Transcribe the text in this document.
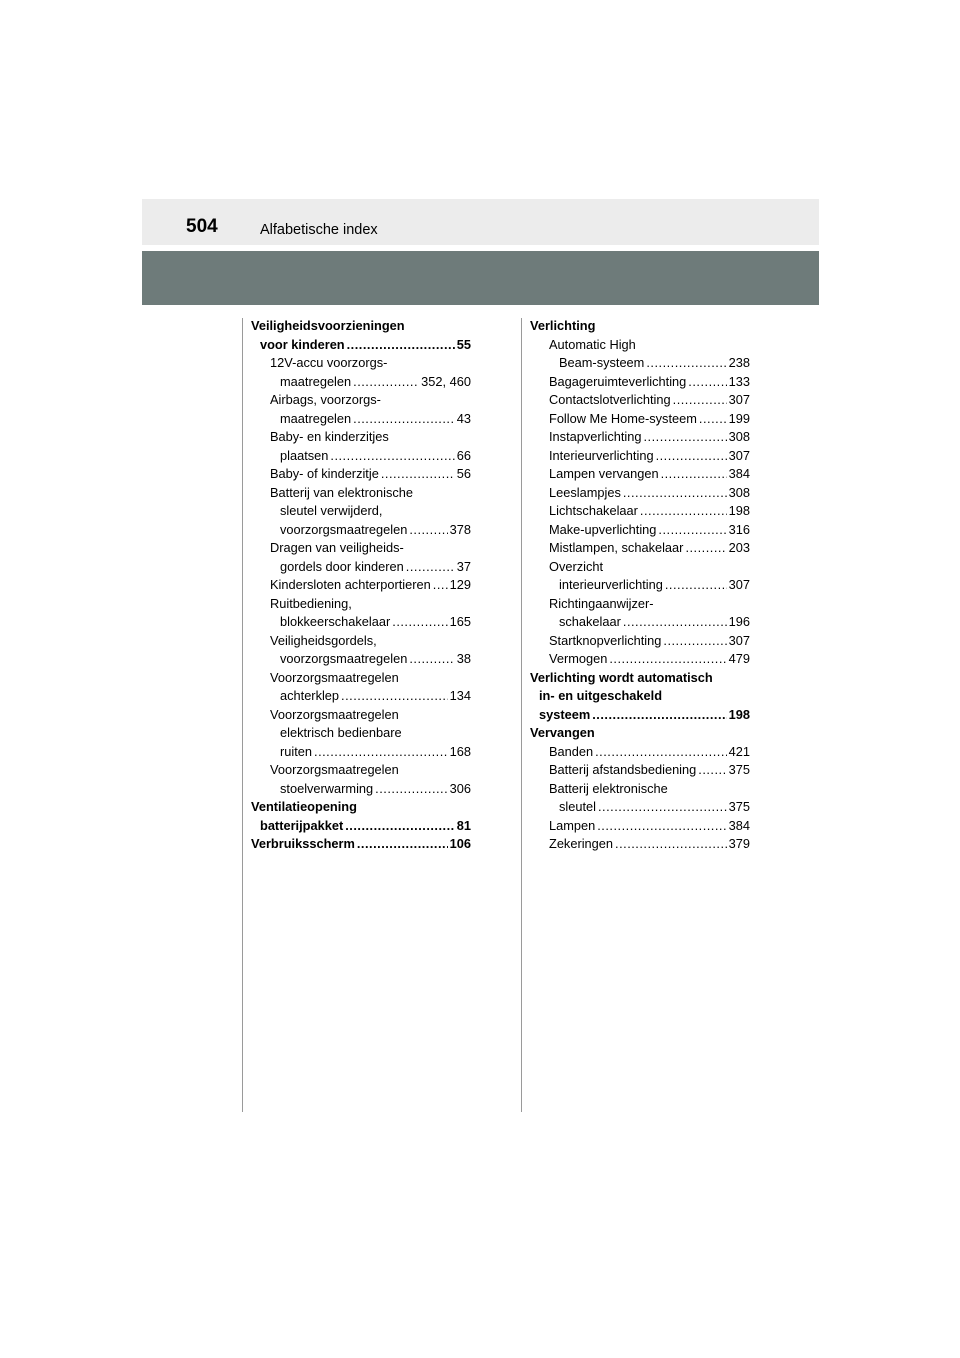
504	Alfabetische index
Veiligheidsvoorzieningen
voor kinderen .....	55
12V-accu voorzorgs-
maatregelen .....	352, 460
Airbags, voorzorgs-
maatregelen .....	43
Baby- en kinderzitjes
plaatsen .....	66
Baby- of kinderzitje .....	56
Batterij van elektronische
sleutel verwijderd,
voorzorgsmaatregelen .....	378
Dragen van veiligheids-
gordels door kinderen .....	37
Kindersloten achterportieren ..... 129
Ruitbediening,
blokkeerschakelaar .....	165
Veiligheidsgordels,
voorzorgsmaatregelen .....	38
Voorzorgsmaatregelen
achterklep .....	134
Voorzorgsmaatregelen
elektrisch bedienbare
ruiten .....	168
Voorzorgsmaatregelen
stoelverwarming .....	306
Ventilatieopening
batterijpakket .....	81
Verbruiksscherm .....	106
Verlichting
Automatic High
Beam-systeem .....	238
Bagageruimteverlichting .....	133
Contactslotverlichting .....	307
Follow Me Home-systeem ..... 199
Instapverlichting .....	308
Interieurverlichting .....	307
Lampen vervangen .....	384
Leeslampjes .....	308
Lichtschakelaar .....	198
Make-upverlichting .....	316
Mistlampen, schakelaar .....	203
Overzicht
interieurverlichting .....	307
Richtingaanwijzer-
schakelaar .....	196
Startknopverlichting .....	307
Vermogen .....	479
Verlichting wordt automatisch
in- en uitgeschakeld
systeem .....	198
Vervangen
Banden .....	421
Batterij afstandsbediening .....	375
Batterij elektronische
sleutel .....	375
Lampen .....	384
Zekeringen .....	379
